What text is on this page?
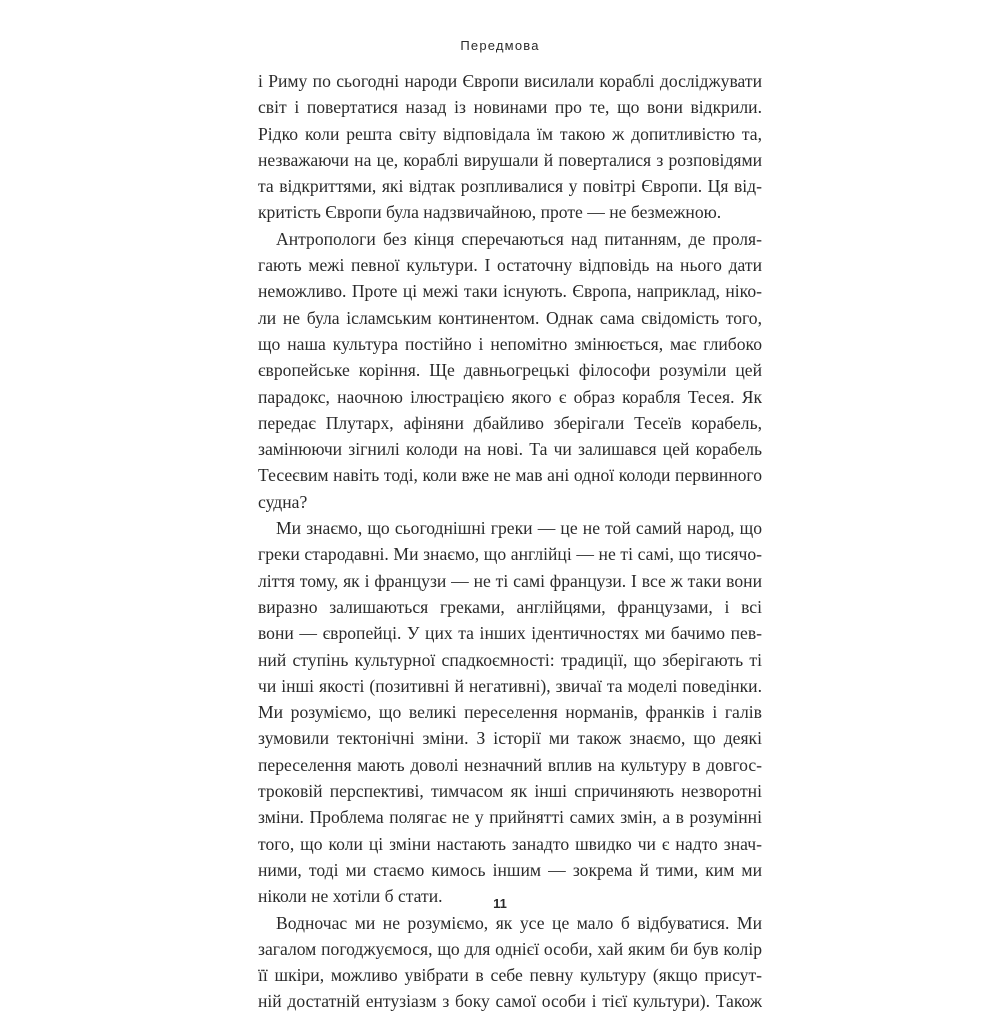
Передмова
і Риму по сьогодні народи Європи висилали кораблі досліджувати
світ і повертатися назад із новинами про те, що вони відкрили.
Рідко коли решта світу відповідала їм такою ж допитливістю та,
незважаючи на це, кораблі вирушали й поверталися з розповідями
та відкриттями, які відтак розпливалися у повітрі Європи. Ця від-
критість Європи була надзвичайною, проте — не безмежною.
Антропологи без кінця сперечаються над питанням, де проля-
гають межі певної культури. І остаточну відповідь на нього дати
неможливо. Проте ці межі таки існують. Європа, наприклад, ніко-
ли не була ісламським континентом. Однак сама свідомість того,
що наша культура постійно і непомітно змінюється, має глибоко
європейське коріння. Ще давньогрецькі філософи розуміли цей
парадокс, наочною ілюстрацією якого є образ корабля Тесея. Як
передає Плутарх, афіняни дбайливо зберігали Тесеїв корабель,
замінюючи зігнилі колоди на нові. Та чи залишався цей корабель
Тесеєвим навіть тоді, коли вже не мав ані одної колоди первинного
судна?
Ми знаємо, що сьогоднішні греки — це не той самий народ, що
греки стародавні. Ми знаємо, що англійці — не ті самі, що тисячо-
ліття тому, як і французи — не ті самі французи. І все ж таки вони
виразно залишаються греками, англійцями, французами, і всі
вони — європейці. У цих та інших ідентичностях ми бачимо пев-
ний ступінь культурної спадкоємності: традиції, що зберігають ті
чи інші якості (позитивні й негативні), звичаї та моделі поведінки.
Ми розуміємо, що великі переселення норманів, франків і галів
зумовили тектонічні зміни. З історії ми також знаємо, що деякі
переселення мають доволі незначний вплив на культуру в довгос-
троковій перспективі, тимчасом як інші спричиняють незворотні
зміни. Проблема полягає не у прийнятті самих змін, а в розумінні
того, що коли ці зміни настають занадто швидко чи є надто знач-
ними, тоді ми стаємо кимось іншим — зокрема й тими, ким ми
ніколи не хотіли б стати.
Водночас ми не розуміємо, як усе це мало б відбуватися. Ми
загалом погоджуємося, що для однієї особи, хай яким би був колір
її шкіри, можливо увібрати в себе певну культуру (якщо присут-
ній достатній ентузіазм з боку самої особи і тієї культури). Також
11
